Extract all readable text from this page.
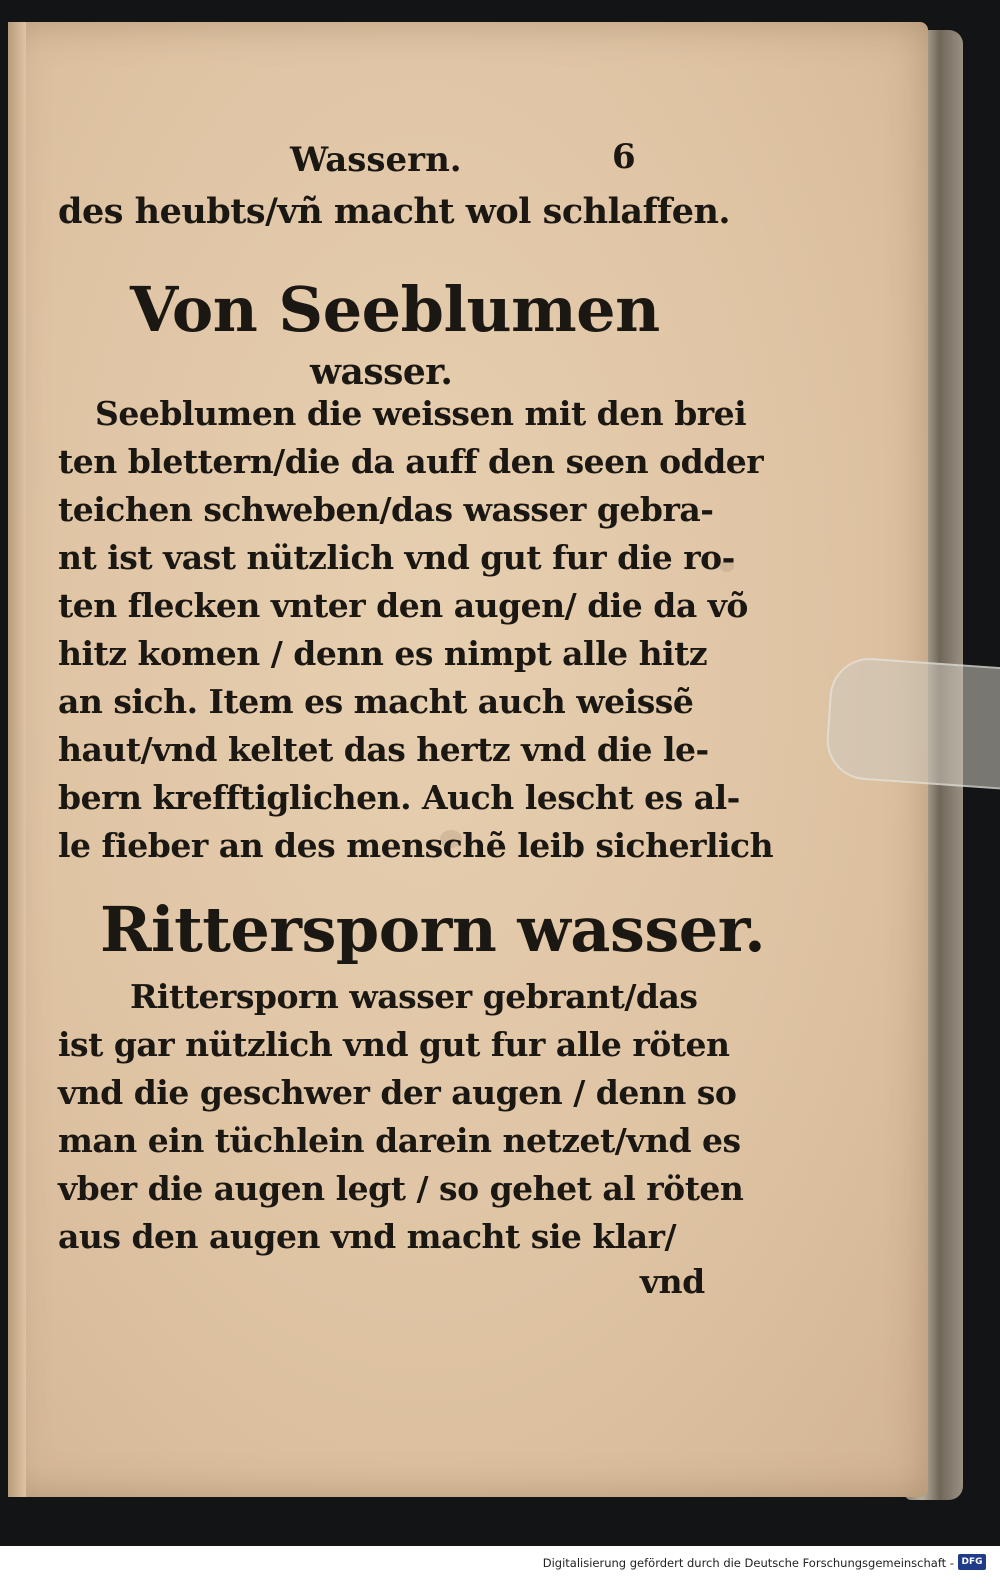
Wassern.	6

des heubts/vñ macht wol schlaffen.

Von Seeblumen

wasser.

Seeblumen die weissen mit den brei

ten blettern/die da auff den seen odder

teichen schweben/das wasser gebra-

nt ist vast nützlich vnd gut fur die ro-

ten flecken vnter den augen/ die da võ

hitz komen / denn es nimpt alle hitz

an sich. Item es macht auch weissẽ

haut/vnd keltet das hertz vnd die le-

bern krefftiglichen. Auch lescht es al-

le fieber an des menschẽ leib sicherlich

Rittersporn wasser.

Rittersporn wasser gebrant/das

ist gar nützlich vnd gut fur alle röten

vnd die geschwer der augen / denn so

man ein tüchlein darein netzet/vnd es

vber die augen legt / so gehet al röten

aus den augen vnd macht sie klar/

vnd

Digitalisierung gefördert durch die Deutsche Forschungsgemeinschaft - DFG
